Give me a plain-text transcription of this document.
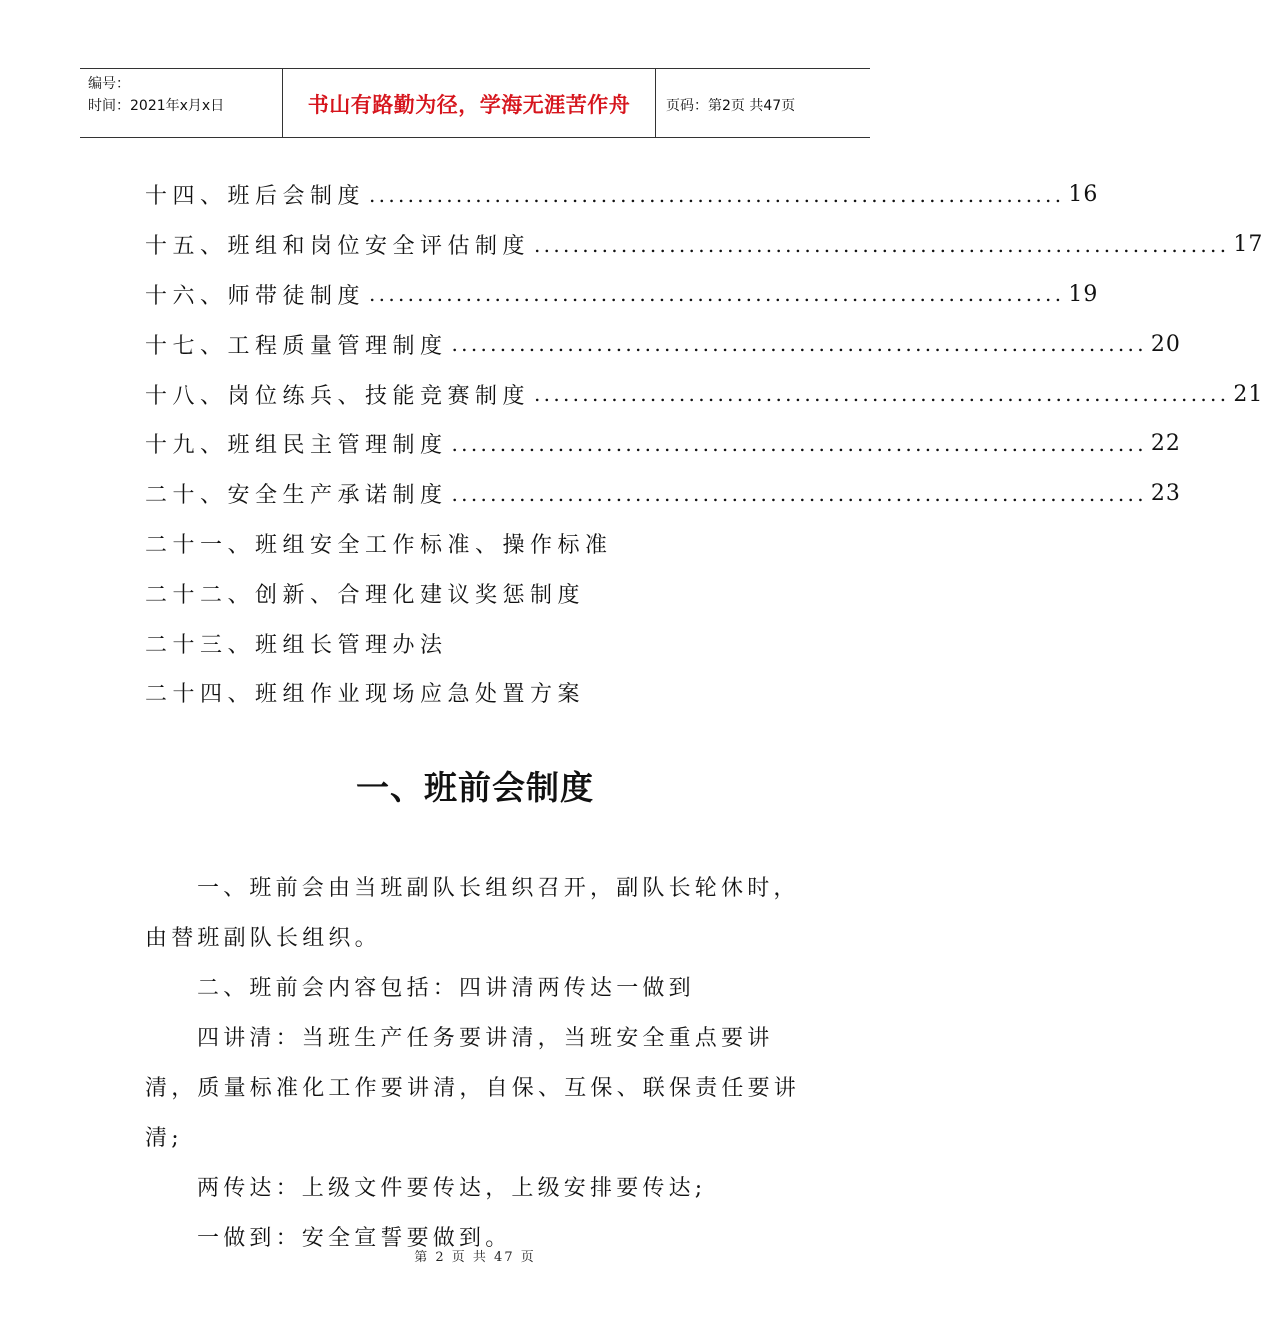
编号：
时间：2021年x月x日	书山有路勤为径，学海无涯苦作舟	页码：第2页 共47页
十四、班后会制度 ........................................................................ 16
十五、班组和岗位安全评估制度 ........................................................................ 17
十六、师带徒制度 ........................................................................ 19
十七、工程质量管理制度 ........................................................................ 20
十八、岗位练兵、技能竞赛制度 ........................................................................ 21
十九、班组民主管理制度 ........................................................................ 22
二十、安全生产承诺制度 ........................................................................ 23
二十一、班组安全工作标准、操作标准
二十二、创新、合理化建议奖惩制度
二十三、班组长管理办法
二十四、班组作业现场应急处置方案
一、班前会制度
一、班前会由当班副队长组织召开，副队长轮休时，由替班副队长组织。
二、班前会内容包括：四讲清两传达一做到
四讲清：当班生产任务要讲清，当班安全重点要讲清，质量标准化工作要讲清，自保、互保、联保责任要讲清;
两传达：上级文件要传达，上级安排要传达;
一做到：安全宣誓要做到。
第 2 页 共 47 页
